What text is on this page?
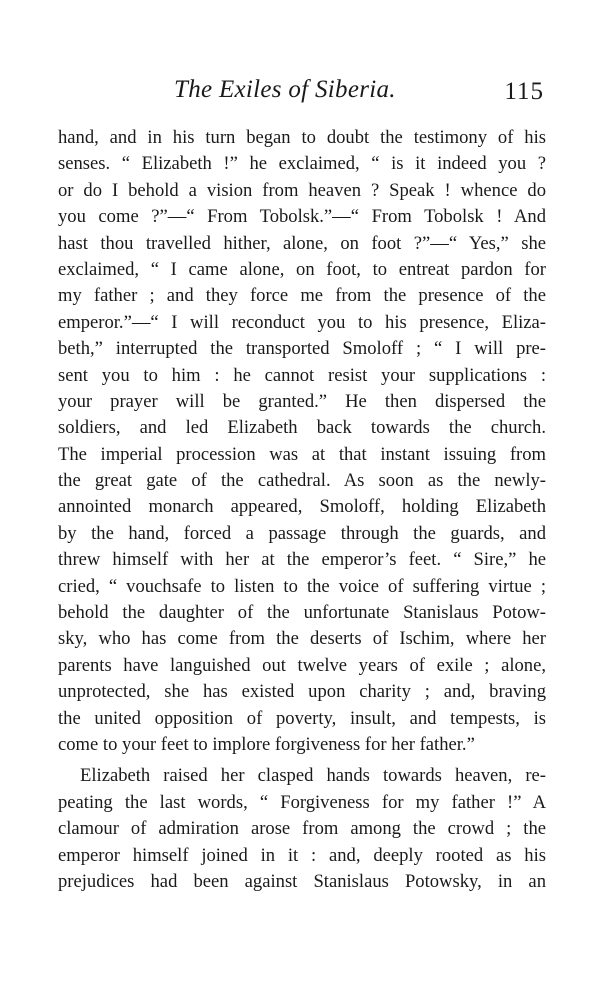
The Exiles of Siberia.	115
hand, and in his turn began to doubt the testimony of his
senses. “ Elizabeth !” he exclaimed, “ is it indeed you ?
or do I behold a vision from heaven ? Speak ! whence do
you come ?”—“ From Tobolsk.”—“ From Tobolsk ! And
hast thou travelled hither, alone, on foot ?”—“ Yes,” she
exclaimed, “ I came alone, on foot, to entreat pardon for
my father ; and they force me from the presence of the
emperor.”—“ I will reconduct you to his presence, Eliza-
beth,” interrupted the transported Smoloff ; “ I will pre-
sent you to him : he cannot resist your supplications :
your prayer will be granted.” He then dispersed the
soldiers, and led Elizabeth back towards the church.
The imperial procession was at that instant issuing from
the great gate of the cathedral. As soon as the newly-
annointed monarch appeared, Smoloff, holding Elizabeth
by the hand, forced a passage through the guards, and
threw himself with her at the emperor’s feet. “ Sire,” he
cried, “ vouchsafe to listen to the voice of suffering virtue ;
behold the daughter of the unfortunate Stanislaus Potow-
sky, who has come from the deserts of Ischim, where her
parents have languished out twelve years of exile ; alone,
unprotected, she has existed upon charity ; and, braving
the united opposition of poverty, insult, and tempests, is
come to your feet to implore forgiveness for her father.”
Elizabeth raised her clasped hands towards heaven, re-
peating the last words, “ Forgiveness for my father !” A
clamour of admiration arose from among the crowd ; the
emperor himself joined in it : and, deeply rooted as his
prejudices had been against Stanislaus Potowsky, in an
